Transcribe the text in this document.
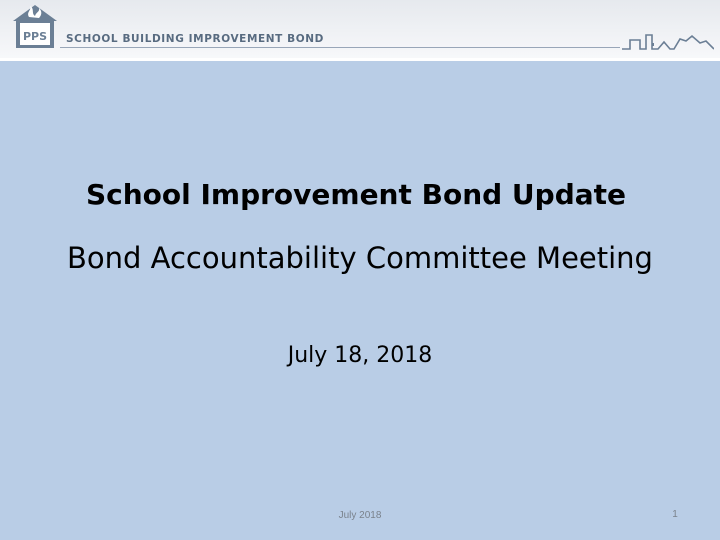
PPS SCHOOL BUILDING IMPROVEMENT BOND
School Improvement Bond Update
Bond Accountability Committee Meeting
July 18, 2018
July 2018	1
